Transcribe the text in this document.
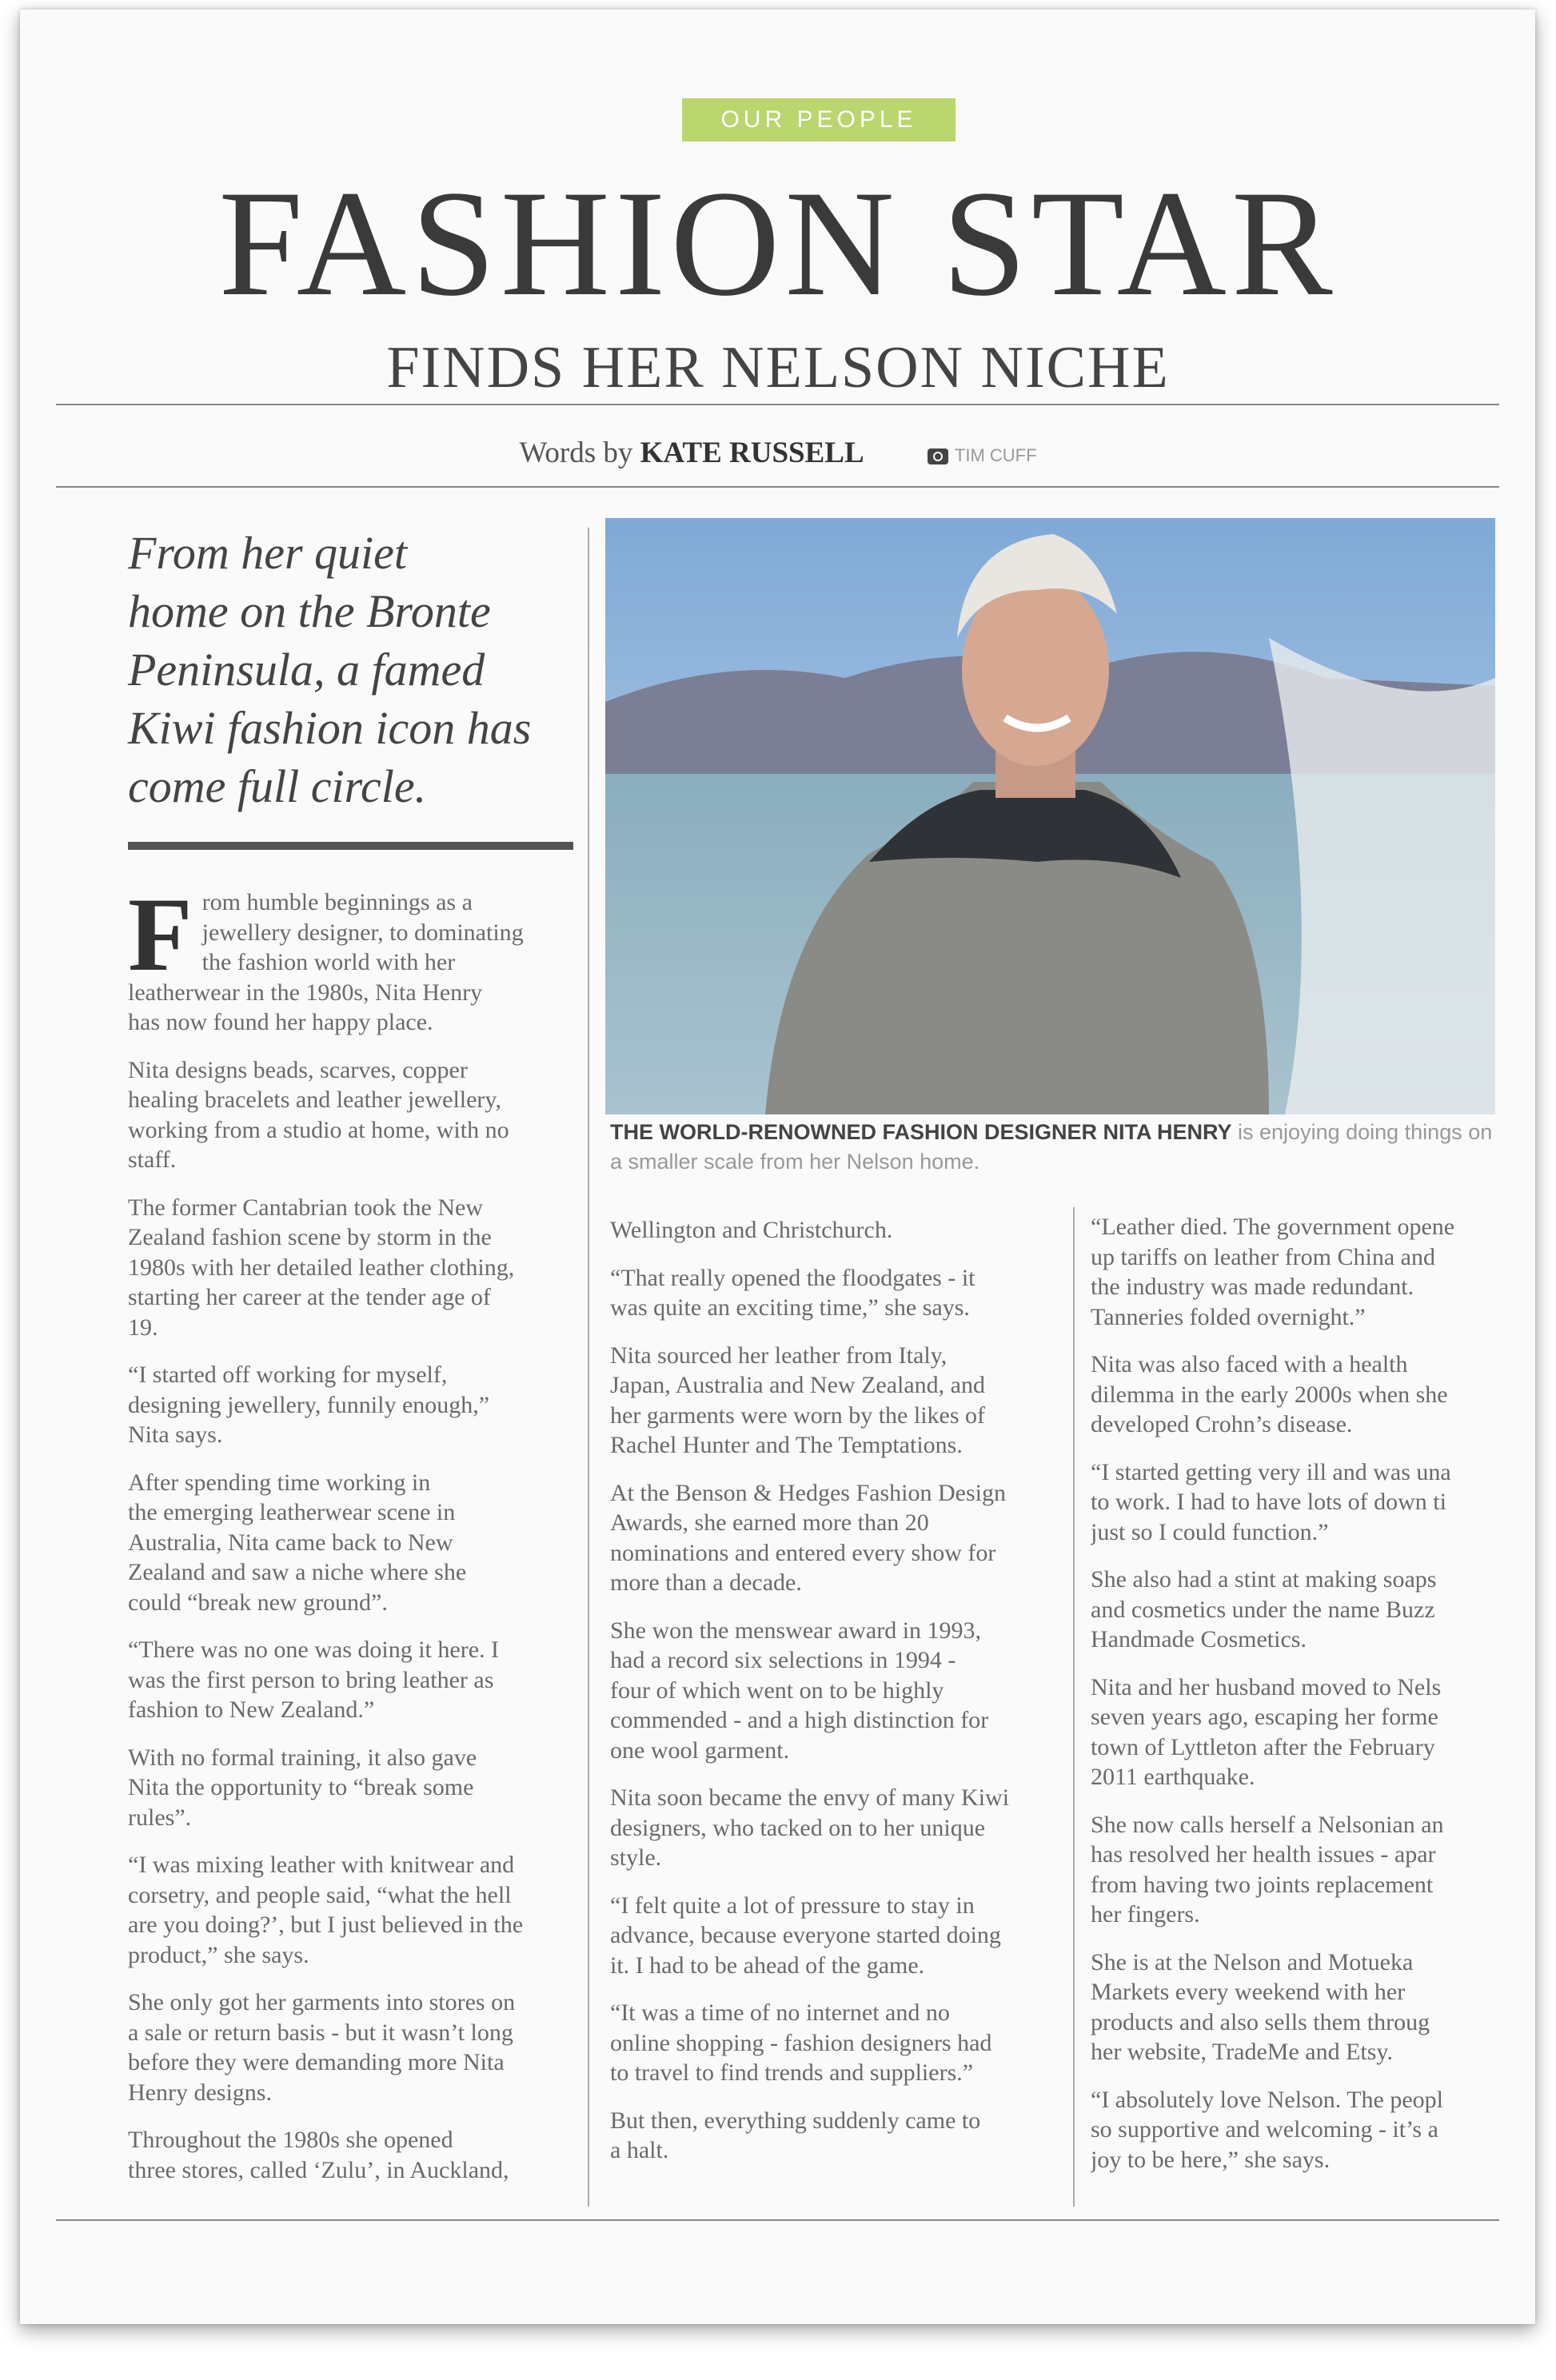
OUR PEOPLE
FASHION STAR
FINDS HER NELSON NICHE
Words by KATE RUSSELL	TIM CUFF
From her quiet
home on the Bronte
Peninsula, a famed
Kiwi fashion icon has
come full circle.
THE WORLD-RENOWNED FASHION DESIGNER NITA HENRY is enjoying doing things on a smaller scale from her Nelson home.

F rom humble beginnings as a
jewellery designer, to dominating
the fashion world with her
leatherwear in the 1980s, Nita Henry
has now found her happy place.

Nita designs beads, scarves, copper
healing bracelets and leather jewellery,
working from a studio at home, with no
staff.

The former Cantabrian took the New
Zealand fashion scene by storm in the
1980s with her detailed leather clothing,
starting her career at the tender age of
19.

“I started off working for myself,
designing jewellery, funnily enough,”
Nita says.

After spending time working in
the emerging leatherwear scene in
Australia, Nita came back to New
Zealand and saw a niche where she
could “break new ground”.

“There was no one was doing it here. I
was the first person to bring leather as
fashion to New Zealand.”

With no formal training, it also gave
Nita the opportunity to “break some
rules”.

“I was mixing leather with knitwear and
corsetry, and people said, “what the hell
are you doing?’, but I just believed in the
product,” she says.

She only got her garments into stores on
a sale or return basis - but it wasn’t long
before they were demanding more Nita
Henry designs.

Throughout the 1980s she opened
three stores, called ‘Zulu’, in Auckland,

Wellington and Christchurch.

“That really opened the floodgates - it
was quite an exciting time,” she says.

Nita sourced her leather from Italy,
Japan, Australia and New Zealand, and
her garments were worn by the likes of
Rachel Hunter and The Temptations.

At the Benson & Hedges Fashion Design
Awards, she earned more than 20
nominations and entered every show for
more than a decade.

She won the menswear award in 1993,
had a record six selections in 1994 -
four of which went on to be highly
commended - and a high distinction for
one wool garment.

Nita soon became the envy of many Kiwi
designers, who tacked on to her unique
style.

“I felt quite a lot of pressure to stay in
advance, because everyone started doing
it. I had to be ahead of the game.

“It was a time of no internet and no
online shopping - fashion designers had
to travel to find trends and suppliers.”

But then, everything suddenly came to
a halt.

“Leather died. The government opene
up tariffs on leather from China and
the industry was made redundant.
Tanneries folded overnight.”

Nita was also faced with a health
dilemma in the early 2000s when she
developed Crohn’s disease.

“I started getting very ill and was una
to work. I had to have lots of down ti
just so I could function.”

She also had a stint at making soaps
and cosmetics under the name Buzz
Handmade Cosmetics.

Nita and her husband moved to Nels
seven years ago, escaping her forme
town of Lyttleton after the February
2011 earthquake.

She now calls herself a Nelsonian an
has resolved her health issues - apar
from having two joints replacement
her fingers.

She is at the Nelson and Motueka
Markets every weekend with her
products and also sells them throug
her website, TradeMe and Etsy.

“I absolutely love Nelson. The peopl
so supportive and welcoming - it’s a
joy to be here,” she says.
